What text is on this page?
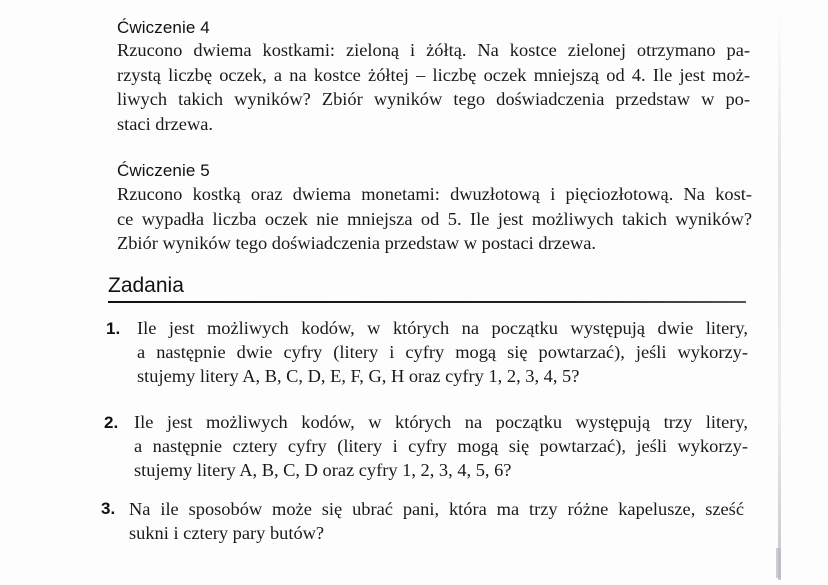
Ćwiczenie 4
Rzucono dwiema kostkami: zieloną i żółtą. Na kostce zielonej otrzymano pa-
rzystą liczbę oczek, a na kostce żółtej – liczbę oczek mniejszą od 4. Ile jest moż-
liwych takich wyników? Zbiór wyników tego doświadczenia przedstaw w po-
staci drzewa.
Ćwiczenie 5
Rzucono kostką oraz dwiema monetami: dwuzłotową i pięciozłotową. Na kost-
ce wypadła liczba oczek nie mniejsza od 5. Ile jest możliwych takich wyników?
Zbiór wyników tego doświadczenia przedstaw w postaci drzewa.
Zadania
1. Ile jest możliwych kodów, w których na początku występują dwie litery,
a następnie dwie cyfry (litery i cyfry mogą się powtarzać), jeśli wykorzy-
stujemy litery A, B, C, D, E, F, G, H oraz cyfry 1, 2, 3, 4, 5?
2. Ile jest możliwych kodów, w których na początku występują trzy litery,
a następnie cztery cyfry (litery i cyfry mogą się powtarzać), jeśli wykorzy-
stujemy litery A, B, C, D oraz cyfry 1, 2, 3, 4, 5, 6?
3. Na ile sposobów może się ubrać pani, która ma trzy różne kapelusze, sześć
sukni i cztery pary butów?
